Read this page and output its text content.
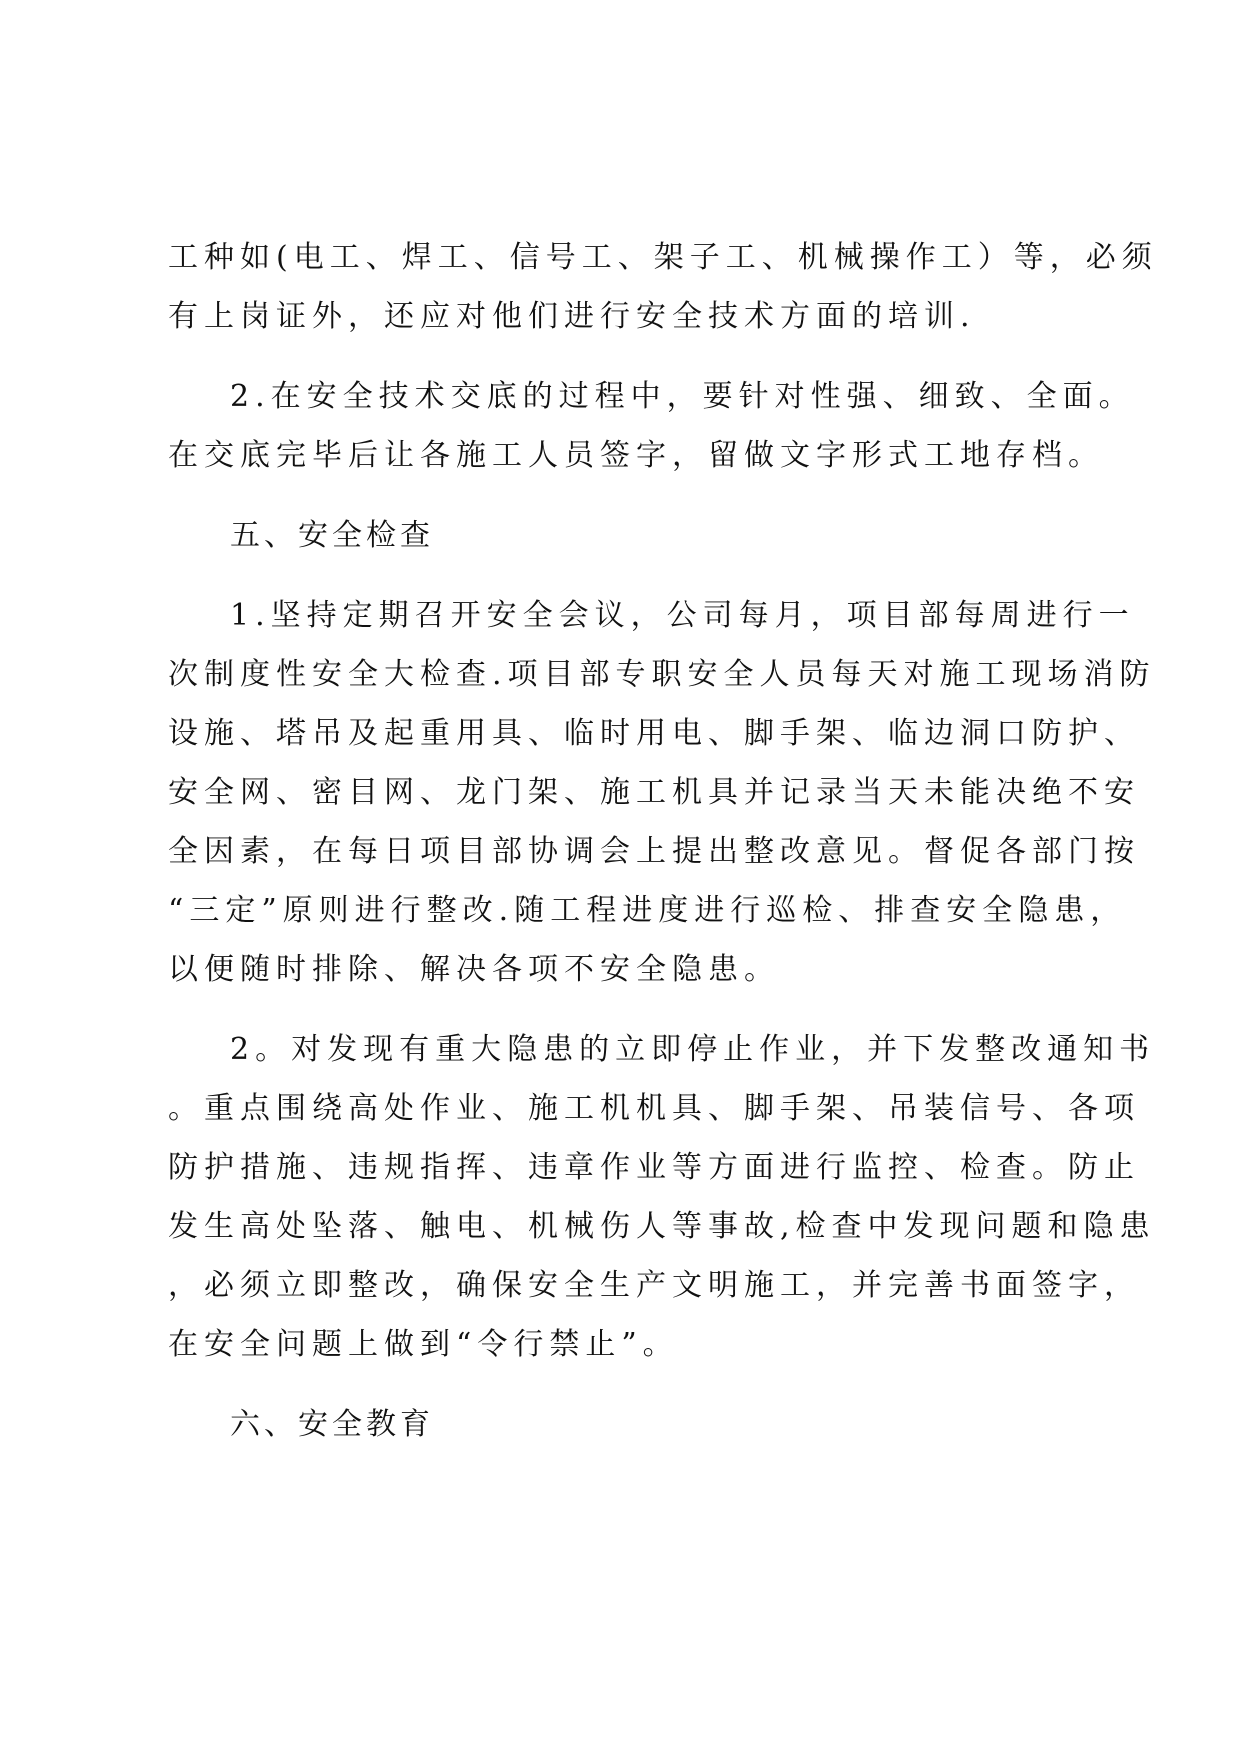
工种如(电工、焊工、信号工、架子工、机械操作工）等，必须
有上岗证外，还应对他们进行安全技术方面的培训.
2.在安全技术交底的过程中，要针对性强、细致、全面。
在交底完毕后让各施工人员签字，留做文字形式工地存档。
五、安全检查
1.坚持定期召开安全会议，公司每月，项目部每周进行一
次制度性安全大检查.项目部专职安全人员每天对施工现场消防
设施、塔吊及起重用具、临时用电、脚手架、临边洞口防护、
安全网、密目网、龙门架、施工机具并记录当天未能决绝不安
全因素，在每日项目部协调会上提出整改意见。督促各部门按
“三定”原则进行整改.随工程进度进行巡检、排查安全隐患，
以便随时排除、解决各项不安全隐患。
2。对发现有重大隐患的立即停止作业，并下发整改通知书
。重点围绕高处作业、施工机机具、脚手架、吊装信号、各项
防护措施、违规指挥、违章作业等方面进行监控、检查。防止
发生高处坠落、触电、机械伤人等事故,检查中发现问题和隐患
，必须立即整改，确保安全生产文明施工，并完善书面签字，
在安全问题上做到“令行禁止”。
六、安全教育
